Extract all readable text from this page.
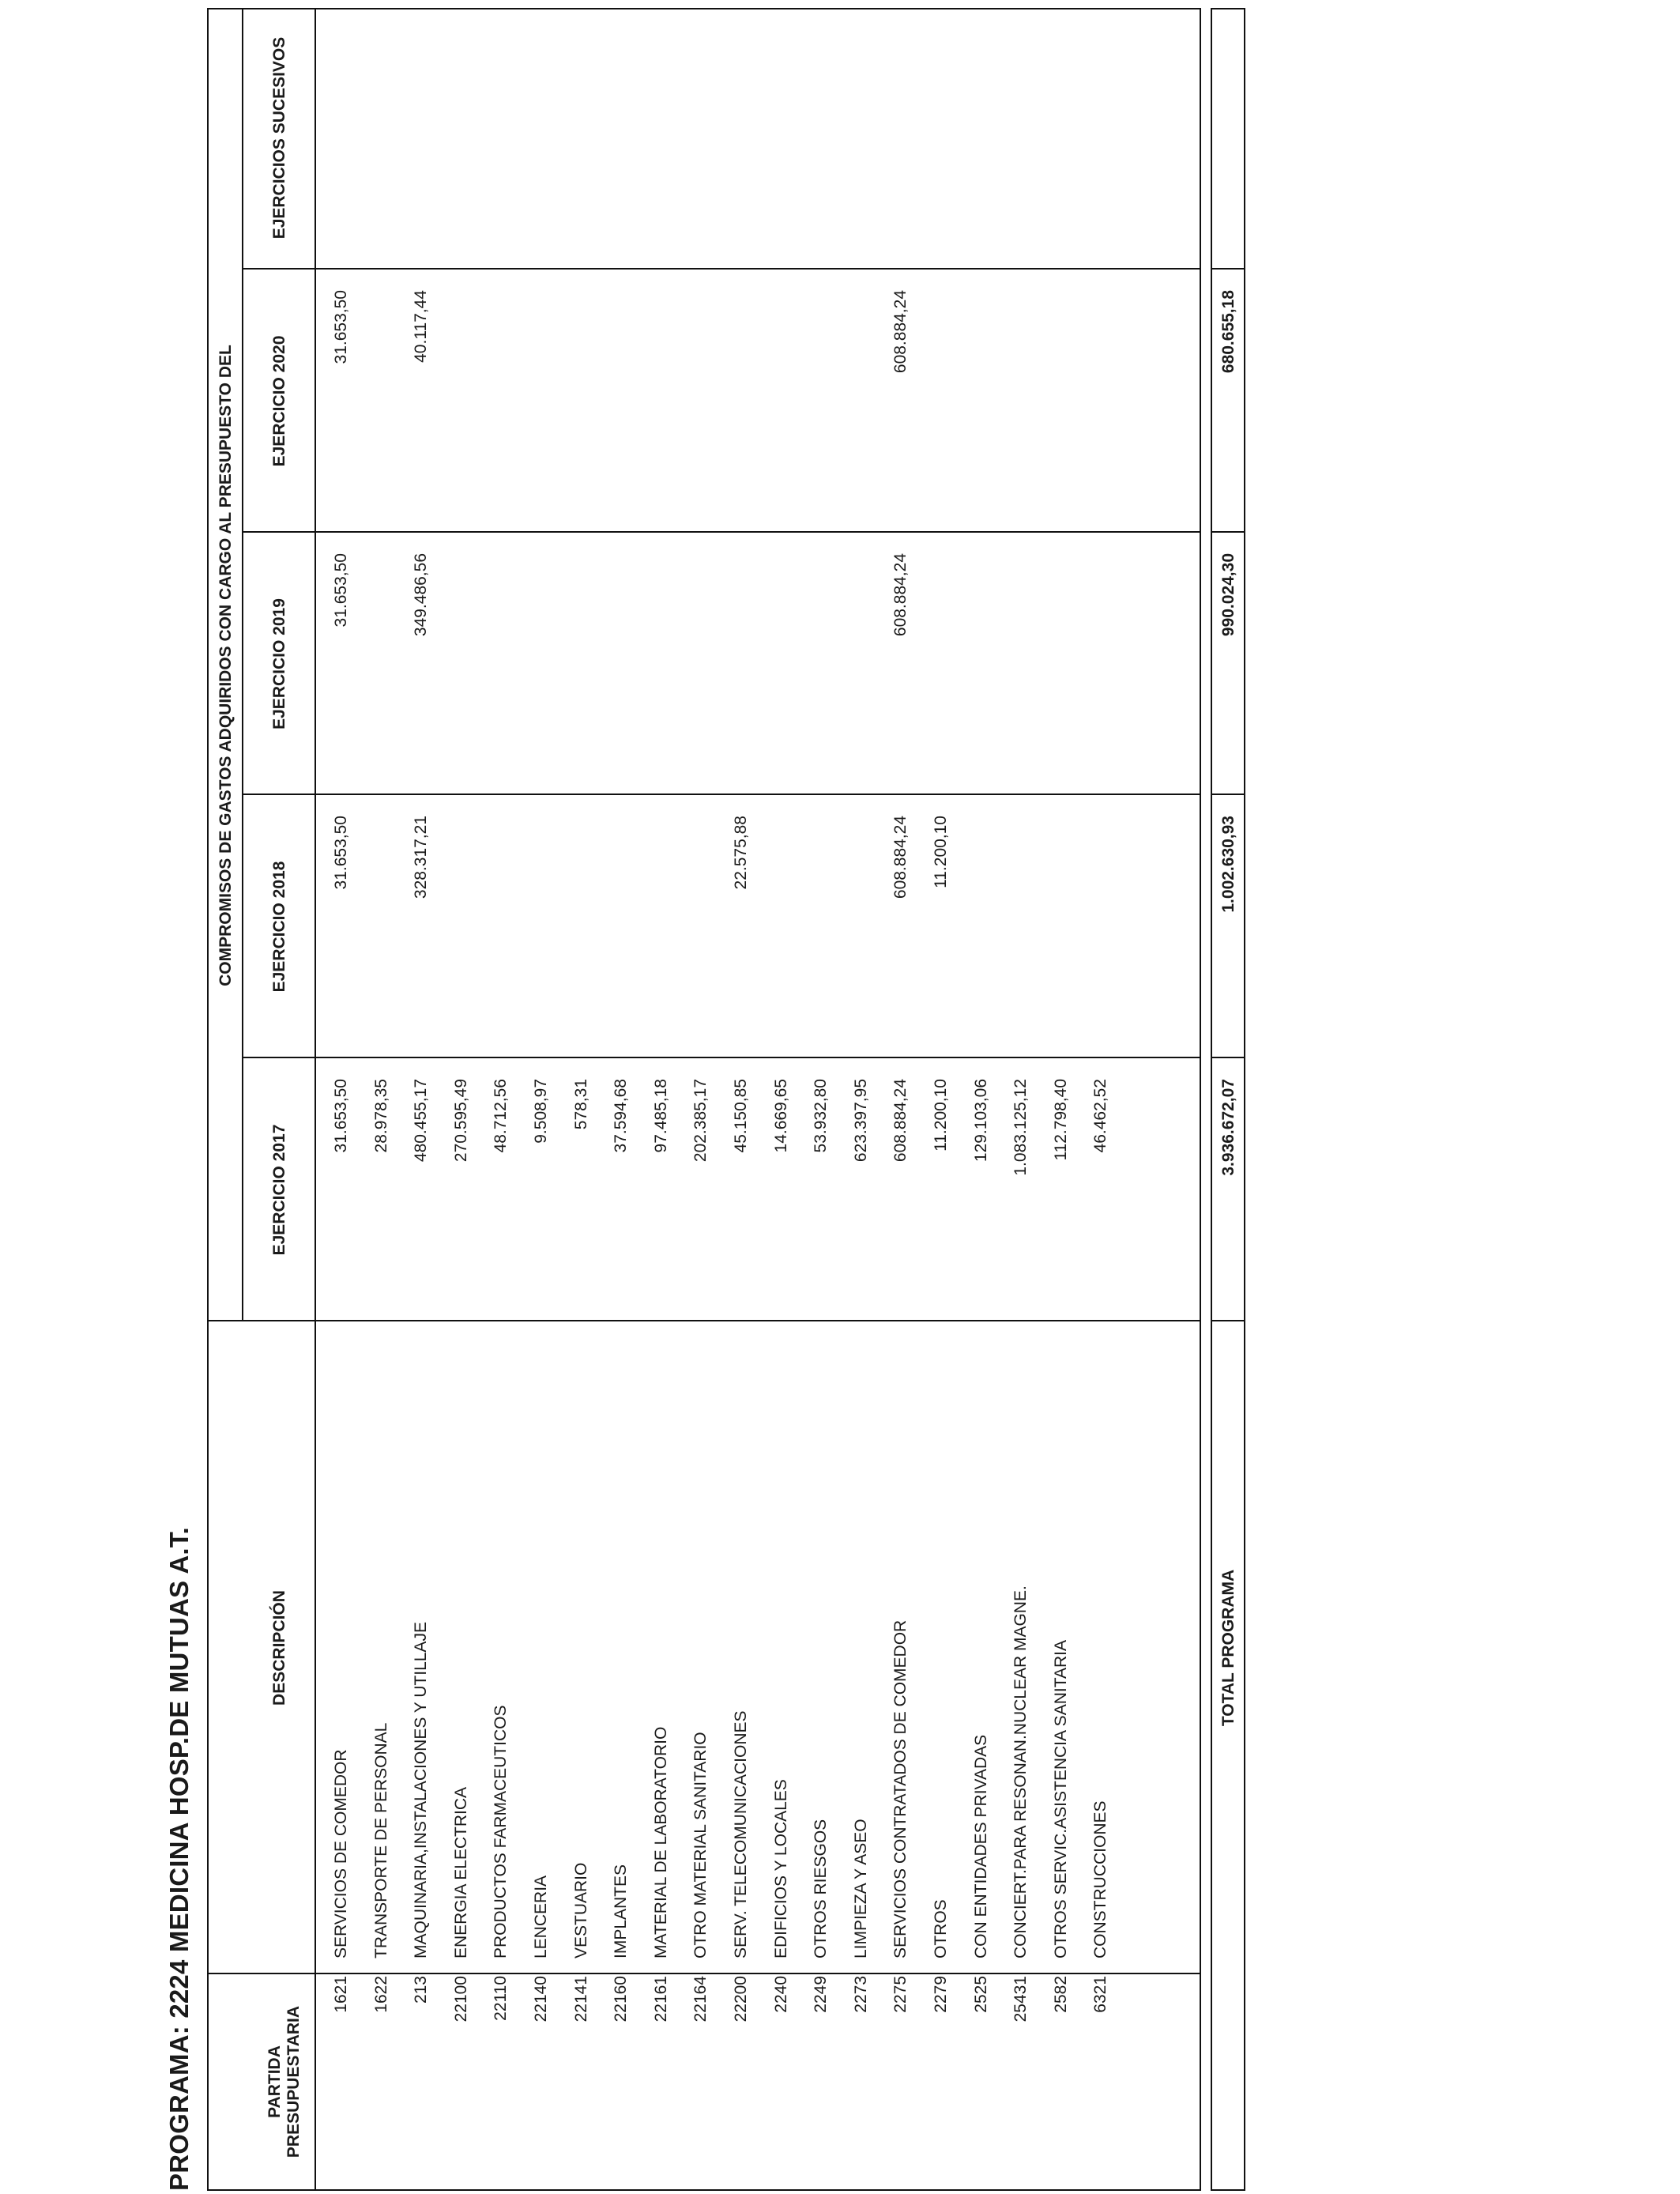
PROGRAMA: 2224 MEDICINA HOSP.DE MUTUAS A.T.	PARTIDA PRESUPUESTARIA
DESCRIPCIÓN
COMPROMISOS DE GASTOS ADQUIRIDOS CON CARGO AL PRESUPUESTO DEL
EJERCICIO 2017
EJERCICIO 2018
EJERCICIO 2019
EJERCICIO 2020
1621
SERVICIOS DE COMEDOR
31.653,50
31.653,50
31.653,50
31.653,50
1622
TRANSPORTE DE PERSONAL
28.978,35
213
MAQUINARIA,INSTALACIONES Y UTILLAJE
480.455,17
328.317,21
349.486,56
40.117,44
22100
ENERGIA ELECTRICA
270.595,49
22110
PRODUCTOS FARMACEUTICOS
48.712,56
22140
LENCERIA
9.508,97
22141
VESTUARIO
578,31
22160
IMPLANTES
37.594,68
22161
MATERIAL DE LABORATORIO
97.485,18
22164
OTRO MATERIAL SANITARIO
202.385,17
22200
SERV. TELECOMUNICACIONES
45.150,85
22.575,88
2240
EDIFICIOS Y LOCALES
14.669,65
2249
OTROS RIESGOS
53.932,80
2273
LIMPIEZA Y ASEO
623.397,95
2275
SERVICIOS CONTRATADOS DE COMEDOR
608.884,24
608.884,24
608.884,24
608.884,24
2279
OTROS
11.200,10
11.200,10
2525
CON ENTIDADES PRIVADAS
129.103,06
25431
CONCIERT.PARA RESONAN.NUCLEAR MAGNE.
1.083.125,12
2582
OTROS SERVIC.ASISTENCIA SANITARIA
112.798,40
6321
CONSTRUCCIONES
46.462,52
EJERCICIOS SUCESIVOS
TOTAL PROGRAMA
3.936.672,07
1.002.630,93
990.024,30
680.655,18
